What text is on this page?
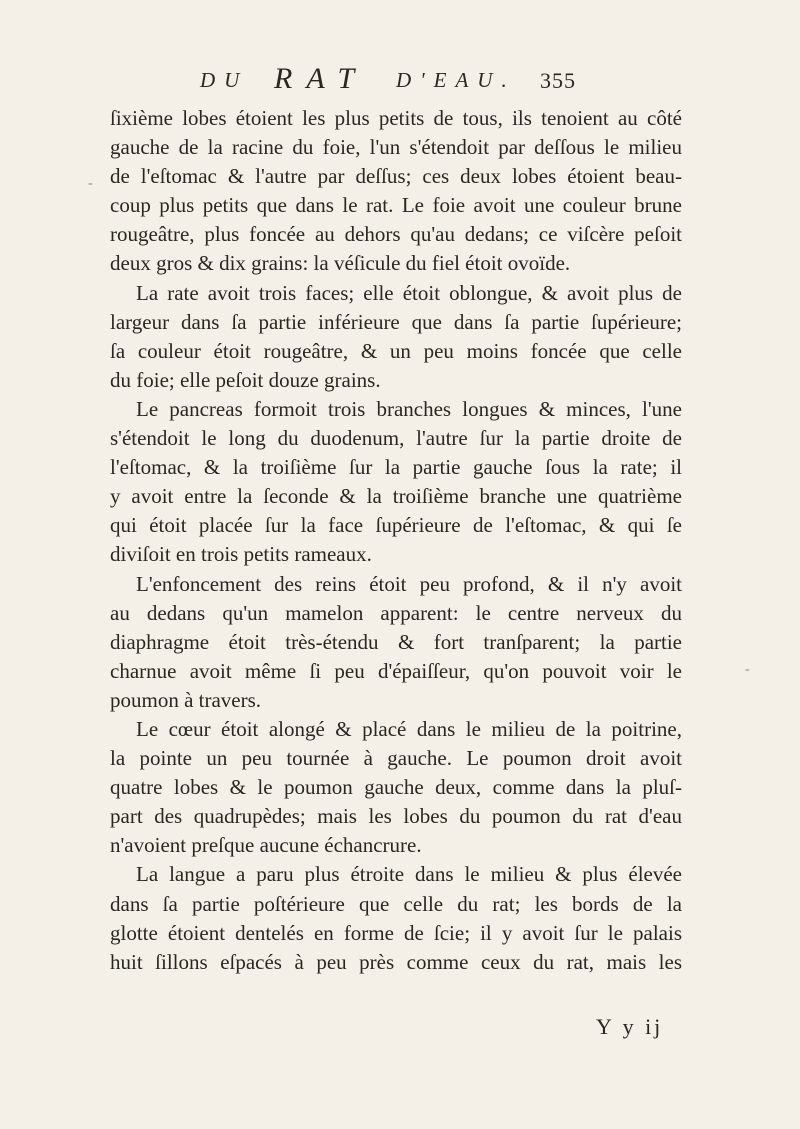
DU RAT D'EAU. 355
ſixième lobes étoient les plus petits de tous, ils tenoient au côté
gauche de la racine du foie, l'un s'étendoit par deſſous le milieu
de l'eſtomac & l'autre par deſſus; ces deux lobes étoient beau-
coup plus petits que dans le rat. Le foie avoit une couleur brune
rougeâtre, plus foncée au dehors qu'au dedans; ce viſcère peſoit
deux gros & dix grains: la véſicule du fiel étoit ovoïde.
La rate avoit trois faces; elle étoit oblongue, & avoit plus de
largeur dans ſa partie inférieure que dans ſa partie ſupérieure;
ſa couleur étoit rougeâtre, & un peu moins foncée que celle
du foie; elle peſoit douze grains.
Le pancreas formoit trois branches longues & minces, l'une
s'étendoit le long du duodenum, l'autre ſur la partie droite de
l'eſtomac, & la troiſième ſur la partie gauche ſous la rate; il
y avoit entre la ſeconde & la troiſième branche une quatrième
qui étoit placée ſur la face ſupérieure de l'eſtomac, & qui ſe
diviſoit en trois petits rameaux.
L'enfoncement des reins étoit peu profond, & il n'y avoit
au dedans qu'un mamelon apparent: le centre nerveux du
diaphragme étoit très-étendu & fort tranſparent; la partie
charnue avoit même ſi peu d'épaiſſeur, qu'on pouvoit voir le
poumon à travers.
Le cœur étoit alongé & placé dans le milieu de la poitrine,
la pointe un peu tournée à gauche. Le poumon droit avoit
quatre lobes & le poumon gauche deux, comme dans la pluſ-
part des quadrupèdes; mais les lobes du poumon du rat d'eau
n'avoient preſque aucune échancrure.
La langue a paru plus étroite dans le milieu & plus élevée
dans ſa partie poſtérieure que celle du rat; les bords de la
glotte étoient dentelés en forme de ſcie; il y avoit ſur le palais
huit ſillons eſpacés à peu près comme ceux du rat, mais les
Y y ij
-
-
